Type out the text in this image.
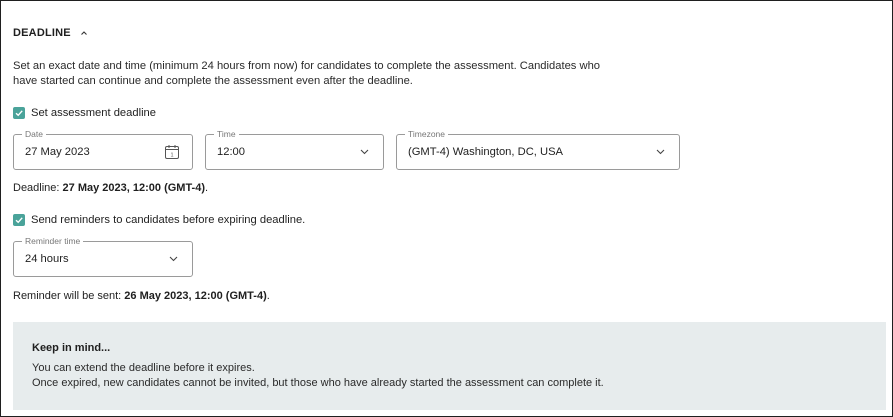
DEADLINE
Set an exact date and time (minimum 24 hours from now) for candidates to complete the assessment. Candidates who have started can continue and complete the assessment even after the deadline.
Set assessment deadline
Date
27 May 2023	1
Time
12:00
Timezone
(GMT-4) Washington, DC, USA
Deadline: 27 May 2023, 12:00 (GMT-4).
Send reminders to candidates before expiring deadline.
Reminder time
24 hours
Reminder will be sent: 26 May 2023, 12:00 (GMT-4).
Keep in mind...
You can extend the deadline before it expires.
Once expired, new candidates cannot be invited, but those who have already started the assessment can complete it.
